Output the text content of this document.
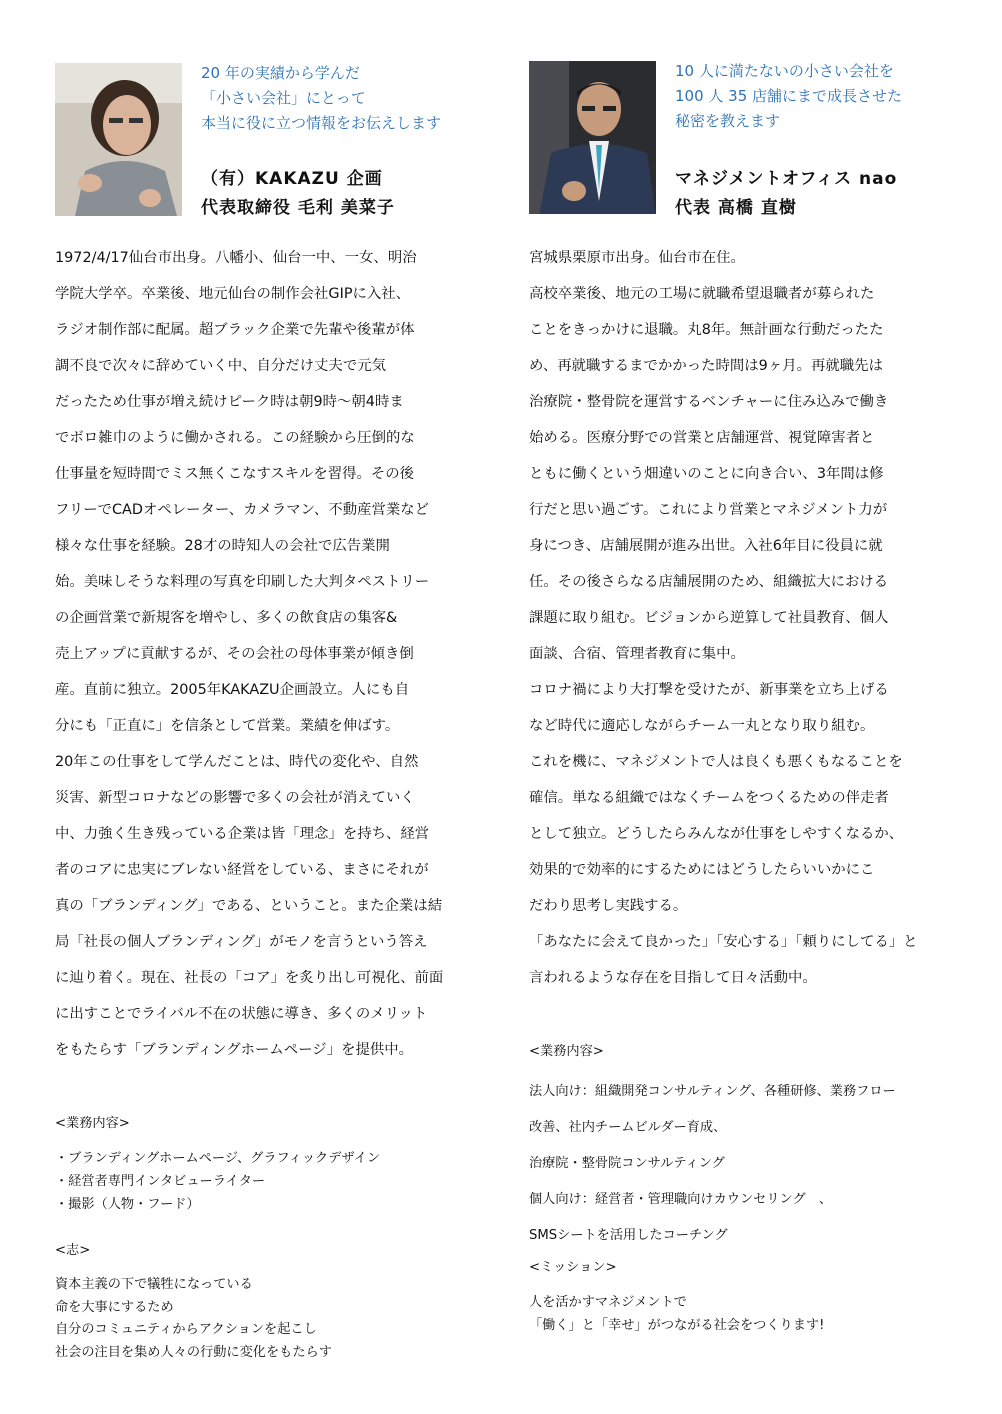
20 年の実績から学んだ
「小さい会社」にとって
本当に役に立つ情報をお伝えします
（有）KAKAZU 企画
代表取締役 毛利 美菜子
1972/4/17仙台市出身。八幡小、仙台一中、一女、明治
学院大学卒。卒業後、地元仙台の制作会社GIPに入社、
ラジオ制作部に配属。超ブラック企業で先輩や後輩が体
調不良で次々に辞めていく中、自分だけ丈夫で元気
だったため仕事が増え続けピーク時は朝9時～朝4時ま
でボロ雑巾のように働かされる。この経験から圧倒的な
仕事量を短時間でミス無くこなすスキルを習得。その後
フリーでCADオペレーター、カメラマン、不動産営業など
様々な仕事を経験。28才の時知人の会社で広告業開
始。美味しそうな料理の写真を印刷した大判タペストリー
の企画営業で新規客を増やし、多くの飲食店の集客&
売上アップに貢献するが、その会社の母体事業が傾き倒
産。直前に独立。2005年KAKAZU企画設立。人にも自
分にも「正直に」を信条として営業。業績を伸ばす。
20年この仕事をして学んだことは、時代の変化や、自然
災害、新型コロナなどの影響で多くの会社が消えていく
中、力強く生き残っている企業は皆「理念」を持ち、経営
者のコアに忠実にブレない経営をしている、まさにそれが
真の「ブランディング」である、ということ。また企業は結
局「社長の個人ブランディング」がモノを言うという答え
に辿り着く。現在、社長の「コア」を炙り出し可視化、前面
に出すことでライバル不在の状態に導き、多くのメリット
をもたらす「ブランディングホームページ」を提供中。
<業務内容>
・ブランディングホームページ、グラフィックデザイン
・経営者専門インタビューライター
・撮影（人物・フード）
<志>
資本主義の下で犠牲になっている
命を大事にするため
自分のコミュニティからアクションを起こし
社会の注目を集め人々の行動に変化をもたらす
10 人に満たないの小さい会社を
100 人 35 店舗にまで成長させた
秘密を教えます
マネジメントオフィス nao
代表 高橋 直樹
宮城県栗原市出身。仙台市在住。
高校卒業後、地元の工場に就職希望退職者が募られた
ことをきっかけに退職。丸8年。無計画な行動だったた
め、再就職するまでかかった時間は9ヶ月。再就職先は
治療院・整骨院を運営するベンチャーに住み込みで働き
始める。医療分野での営業と店舗運営、視覚障害者と
ともに働くという畑違いのことに向き合い、3年間は修
行だと思い過ごす。これにより営業とマネジメント力が
身につき、店舗展開が進み出世。入社6年目に役員に就
任。その後さらなる店舗展開のため、組織拡大における
課題に取り組む。ビジョンから逆算して社員教育、個人
面談、合宿、管理者教育に集中。
コロナ禍により大打撃を受けたが、新事業を立ち上げる
など時代に適応しながらチーム一丸となり取り組む。
これを機に、マネジメントで人は良くも悪くもなることを
確信。単なる組織ではなくチームをつくるための伴走者
として独立。どうしたらみんなが仕事をしやすくなるか、
効果的で効率的にするためにはどうしたらいいかにこ
だわり思考し実践する。
「あなたに会えて良かった」「安心する」「頼りにしてる」と
言われるような存在を目指して日々活動中。
<業務内容>
法人向け：組織開発コンサルティング、各種研修、業務フロー
改善、社内チームビルダー育成、
治療院・整骨院コンサルティング
個人向け：経営者・管理職向けカウンセリング　、
SMSシートを活用したコーチング
<ミッション>
人を活かすマネジメントで
「働く」と「幸せ」がつながる社会をつくります!
